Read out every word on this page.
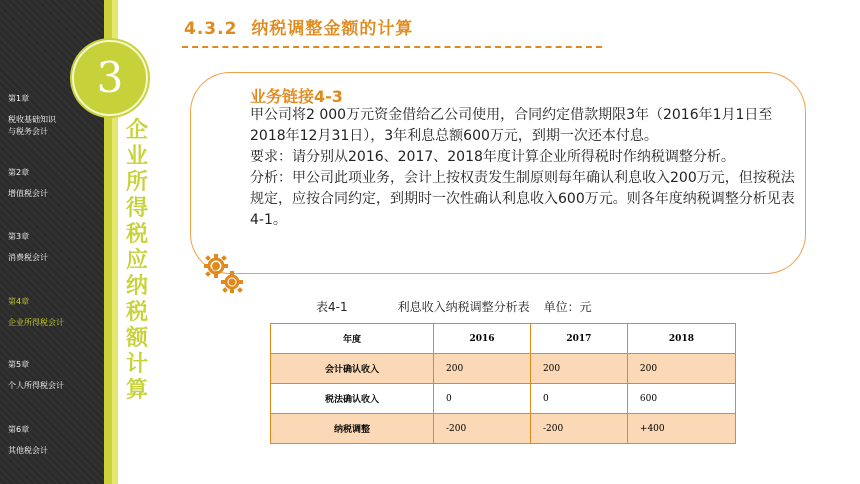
第1章
税收基础知识
与税务会计
第2章
增值税会计
第3章
消费税会计
第4章
企业所得税会计
第5章
个人所得税会计
第6章
其他税会计
3
企业所得税应纳税额计算
4.3.2 纳税调整金额的计算
业务链接4-3

甲公司将2 000万元资金借给乙公司使用，合同约定借款期限3年（2016年1月1日至2018年12月31日），3年利息总额600万元，到期一次还本付息。

要求：请分别从2016、2017、2018年度计算企业所得税时作纳税调整分析。

分析：甲公司此项业务，会计上按权责发生制原则每年确认利息收入200万元，但按税法规定，应按合同约定，到期时一次性确认利息收入600万元。则各年度纳税调整分析见表4-1。

表4-1	利息收入纳税调整分析表 单位：元
年度	2016	2017	2018
会计确认收入	200	200	200
税法确认收入	0	0	600
纳税调整	-200	-200	+400
